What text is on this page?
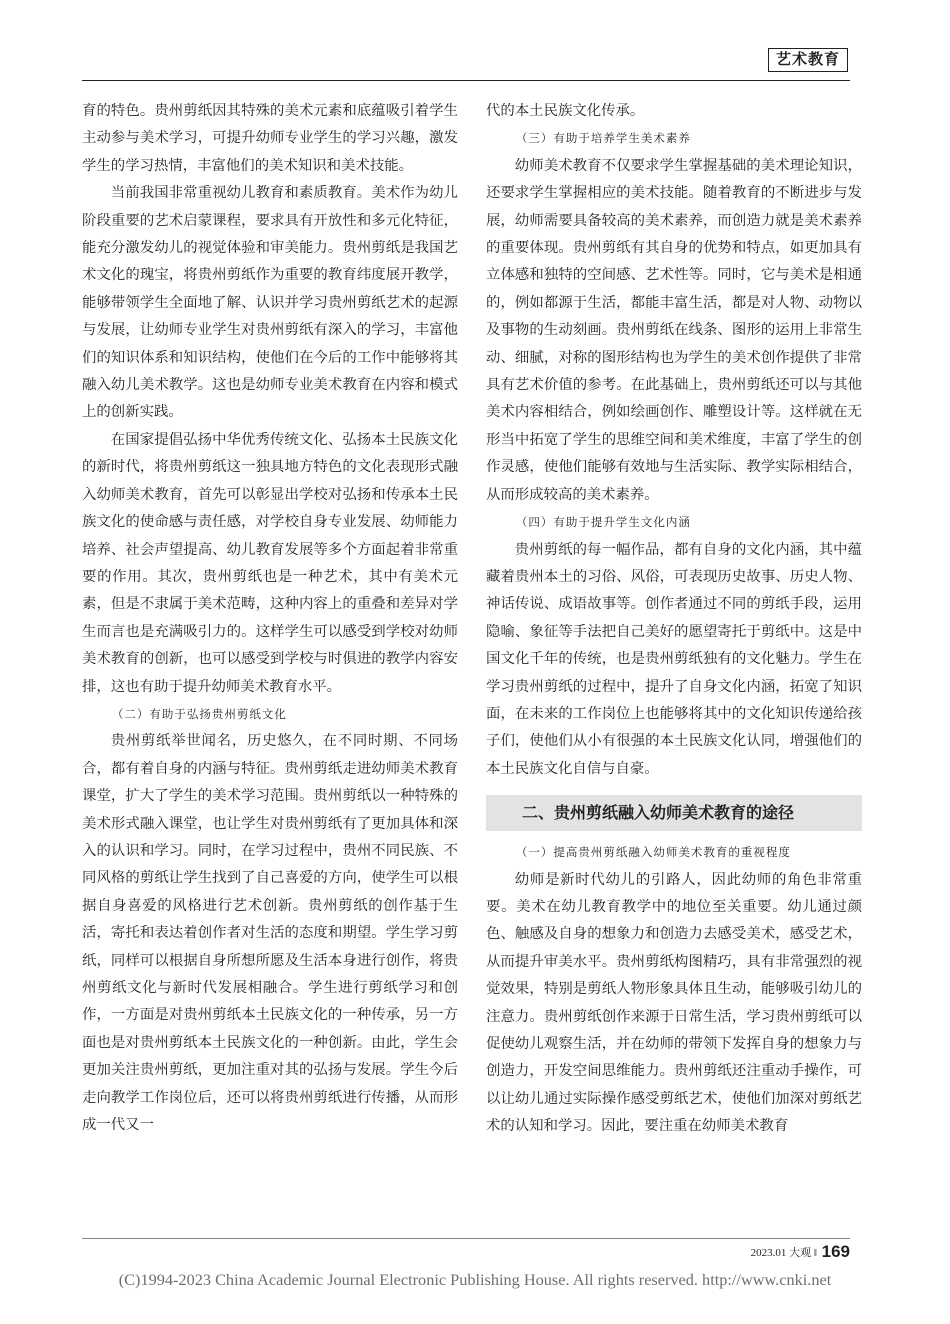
艺术教育

育的特色。贵州剪纸因其特殊的美术元素和底蕴吸引着学生主动参与美术学习，可提升幼师专业学生的学习兴趣，激发学生的学习热情，丰富他们的美术知识和美术技能。

当前我国非常重视幼儿教育和素质教育。美术作为幼儿阶段重要的艺术启蒙课程，要求具有开放性和多元化特征，能充分激发幼儿的视觉体验和审美能力。贵州剪纸是我国艺术文化的瑰宝，将贵州剪纸作为重要的教育纬度展开教学，能够带领学生全面地了解、认识并学习贵州剪纸艺术的起源与发展，让幼师专业学生对贵州剪纸有深入的学习，丰富他们的知识体系和知识结构，使他们在今后的工作中能够将其融入幼儿美术教学。这也是幼师专业美术教育在内容和模式上的创新实践。

在国家提倡弘扬中华优秀传统文化、弘扬本土民族文化的新时代，将贵州剪纸这一独具地方特色的文化表现形式融入幼师美术教育，首先可以彰显出学校对弘扬和传承本土民族文化的使命感与责任感，对学校自身专业发展、幼师能力培养、社会声望提高、幼儿教育发展等多个方面起着非常重要的作用。其次，贵州剪纸也是一种艺术，其中有美术元素，但是不隶属于美术范畴，这种内容上的重叠和差异对学生而言也是充满吸引力的。这样学生可以感受到学校对幼师美术教育的创新，也可以感受到学校与时俱进的教学内容安排，这也有助于提升幼师美术教育水平。

（二）有助于弘扬贵州剪纸文化

贵州剪纸举世闻名，历史悠久，在不同时期、不同场合，都有着自身的内涵与特征。贵州剪纸走进幼师美术教育课堂，扩大了学生的美术学习范围。贵州剪纸以一种特殊的美术形式融入课堂，也让学生对贵州剪纸有了更加具体和深入的认识和学习。同时，在学习过程中，贵州不同民族、不同风格的剪纸让学生找到了自己喜爱的方向，使学生可以根据自身喜爱的风格进行艺术创新。贵州剪纸的创作基于生活，寄托和表达着创作者对生活的态度和期望。学生学习剪纸，同样可以根据自身所想所愿及生活本身进行创作，将贵州剪纸文化与新时代发展相融合。学生进行剪纸学习和创作，一方面是对贵州剪纸本土民族文化的一种传承，另一方面也是对贵州剪纸本土民族文化的一种创新。由此，学生会更加关注贵州剪纸，更加注重对其的弘扬与发展。学生今后走向教学工作岗位后，还可以将贵州剪纸进行传播，从而形成一代又一

代的本土民族文化传承。

（三）有助于培养学生美术素养

幼师美术教育不仅要求学生掌握基础的美术理论知识，还要求学生掌握相应的美术技能。随着教育的不断进步与发展，幼师需要具备较高的美术素养，而创造力就是美术素养的重要体现。贵州剪纸有其自身的优势和特点，如更加具有立体感和独特的空间感、艺术性等。同时，它与美术是相通的，例如都源于生活，都能丰富生活，都是对人物、动物以及事物的生动刻画。贵州剪纸在线条、图形的运用上非常生动、细腻，对称的图形结构也为学生的美术创作提供了非常具有艺术价值的参考。在此基础上，贵州剪纸还可以与其他美术内容相结合，例如绘画创作、雕塑设计等。这样就在无形当中拓宽了学生的思维空间和美术维度，丰富了学生的创作灵感，使他们能够有效地与生活实际、教学实际相结合，从而形成较高的美术素养。

（四）有助于提升学生文化内涵

贵州剪纸的每一幅作品，都有自身的文化内涵，其中蕴藏着贵州本土的习俗、风俗，可表现历史故事、历史人物、神话传说、成语故事等。创作者通过不同的剪纸手段，运用隐喻、象征等手法把自己美好的愿望寄托于剪纸中。这是中国文化千年的传统，也是贵州剪纸独有的文化魅力。学生在学习贵州剪纸的过程中，提升了自身文化内涵，拓宽了知识面，在未来的工作岗位上也能够将其中的文化知识传递给孩子们，使他们从小有很强的本土民族文化认同，增强他们的本土民族文化自信与自豪。

二、贵州剪纸融入幼师美术教育的途径

（一）提高贵州剪纸融入幼师美术教育的重视程度

幼师是新时代幼儿的引路人，因此幼师的角色非常重要。美术在幼儿教育教学中的地位至关重要。幼儿通过颜色、触感及自身的想象力和创造力去感受美术，感受艺术，从而提升审美水平。贵州剪纸构图精巧，具有非常强烈的视觉效果，特别是剪纸人物形象具体且生动，能够吸引幼儿的注意力。贵州剪纸创作来源于日常生活，学习贵州剪纸可以促使幼儿观察生活，并在幼师的带领下发挥自身的想象力与创造力，开发空间思维能力。贵州剪纸还注重动手操作，可以让幼儿通过实际操作感受剪纸艺术，使他们加深对剪纸艺术的认知和学习。因此，要注重在幼师美术教育

2023.01 大观 ‖ 169
(C)1994-2023 China Academic Journal Electronic Publishing House. All rights reserved. http://www.cnki.net
